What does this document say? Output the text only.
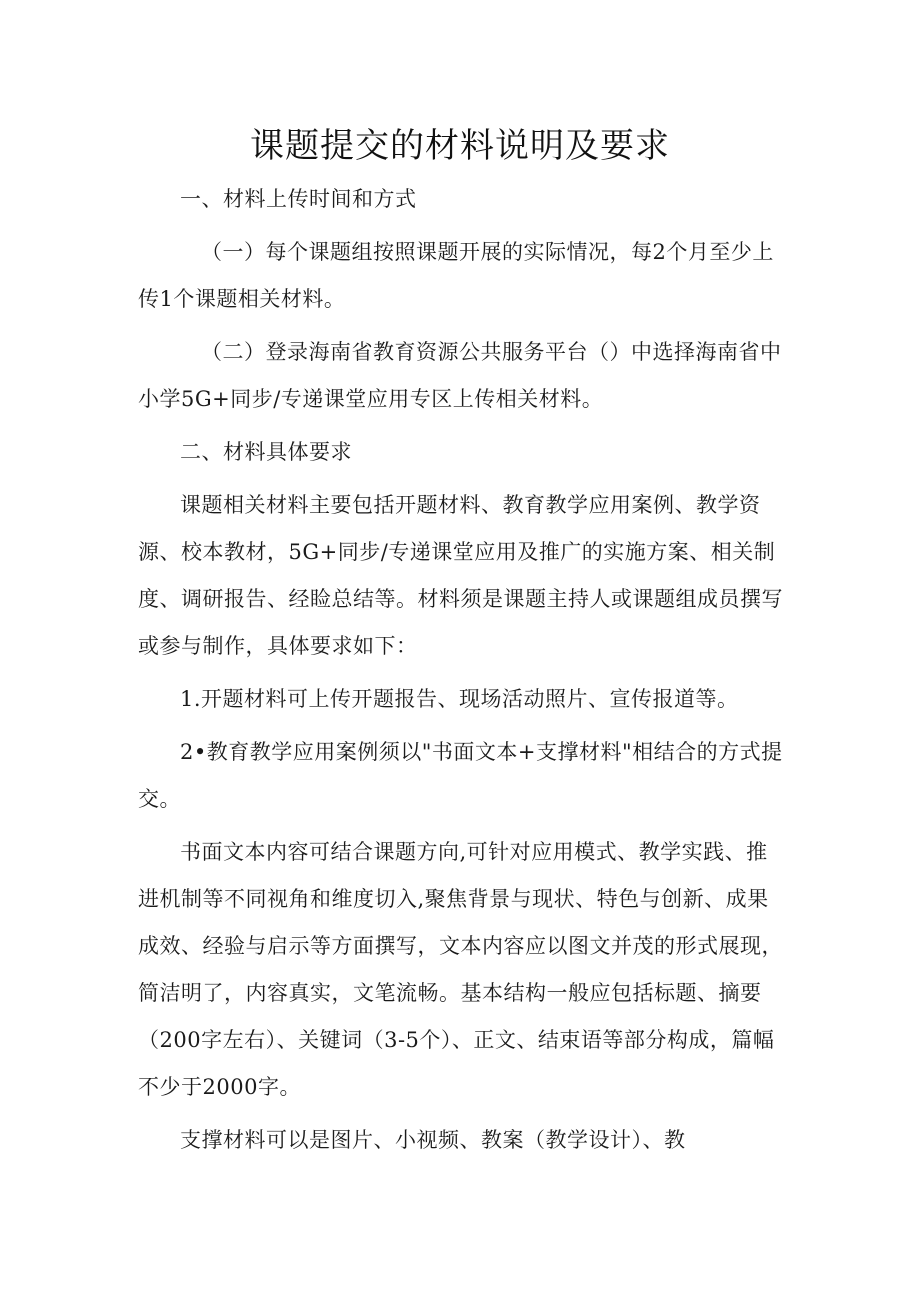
课题提交的材料说明及要求

一、材料上传时间和方式

（一）每个课题组按照课题开展的实际情况，每2个月至少上传1个课题相关材料。

（二）登录海南省教育资源公共服务平台（）中选择海南省中小学5G+同步/专递课堂应用专区上传相关材料。

二、材料具体要求

课题相关材料主要包括开题材料、教育教学应用案例、教学资源、校本教材，5G+同步/专递课堂应用及推广的实施方案、相关制度、调研报告、经睑总结等。材料须是课题主持人或课题组成员撰写或参与制作，具体要求如下：

1.开题材料可上传开题报告、现场活动照片、宣传报道等。

2•教育教学应用案例须以"书面文本+支撑材料"相结合的方式提交。

书面文本内容可结合课题方向,可针对应用模式、教学实践、推进机制等不同视角和维度切入,聚焦背景与现状、特色与创新、成果成效、经验与启示等方面撰写，文本内容应以图文并茂的形式展现，简洁明了，内容真实，文笔流畅。基本结构一般应包括标题、摘要（200字左右）、关键词（3-5个）、正文、结束语等部分构成，篇幅不少于2000字。

支撑材料可以是图片、小视频、教案（教学设计）、教
